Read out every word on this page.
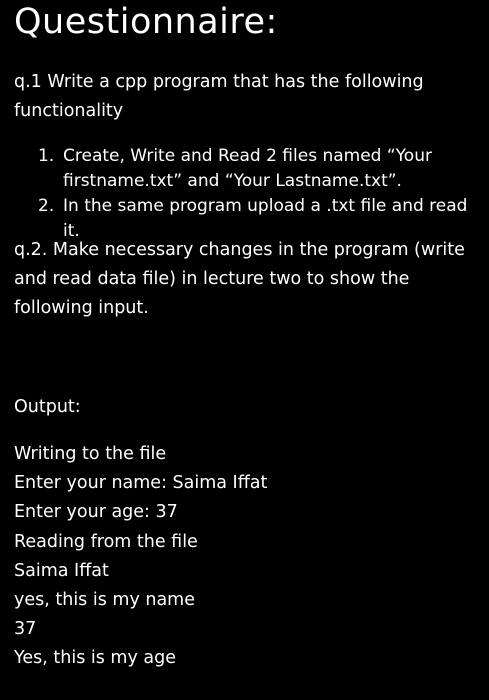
Questionnaire:
q.1 Write a cpp program that has the following functionality
1. Create, Write and Read 2 files named “Your firstname.txt” and “Your Lastname.txt”.
2. In the same program upload a .txt file and read it.
q.2. Make necessary changes in the program (write and read data file) in lecture two to show the following input.
Output:
Writing to the file
Enter your name: Saima Iffat
Enter your age: 37
Reading from the file
Saima Iffat
yes, this is my name
37
Yes, this is my age
